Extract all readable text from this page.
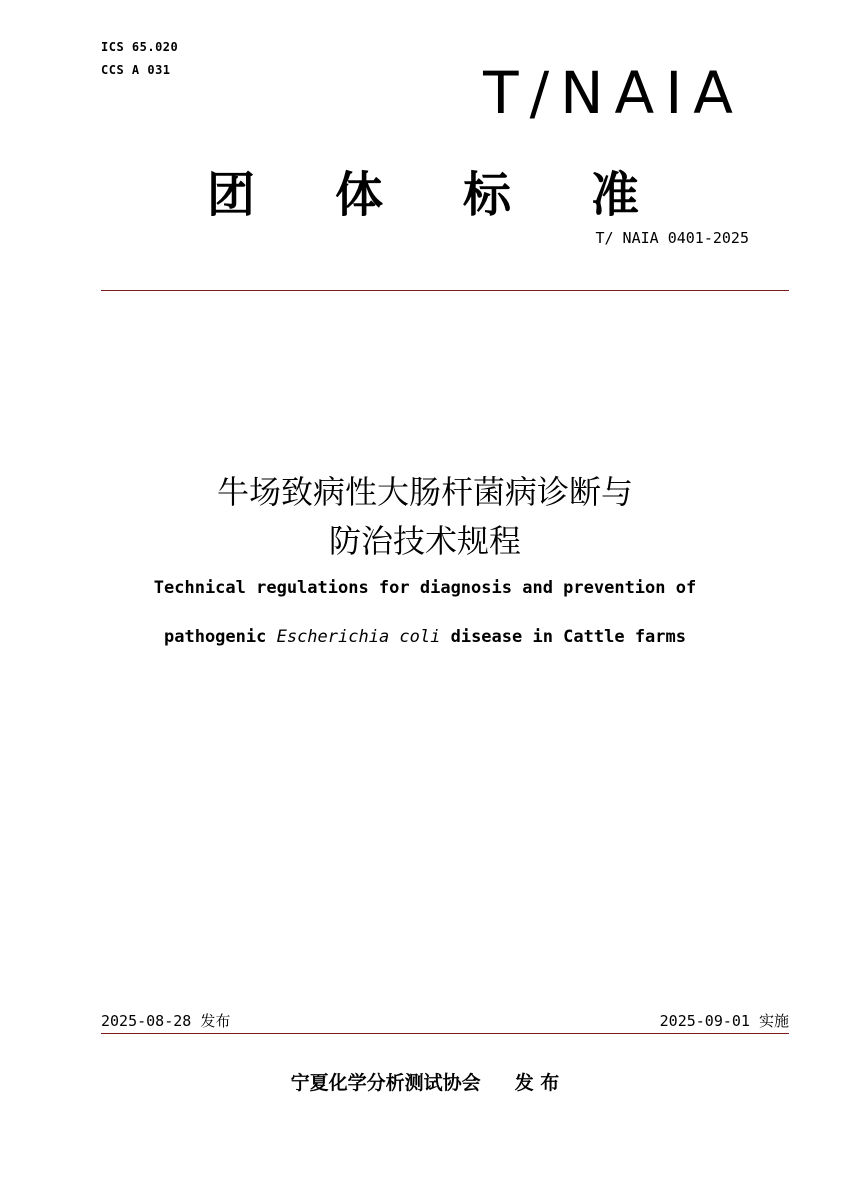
ICS 65.020
CCS A 031	T/NAIA
团 体 标 准
T/ NAIA 0401-2025
牛场致病性大肠杆菌病诊断与
防治技术规程
Technical regulations for diagnosis and prevention of
pathogenic Escherichia coli disease in Cattle farms
2025-08-28 发布	2025-09-01 实施
宁夏化学分析测试协会 发 布
